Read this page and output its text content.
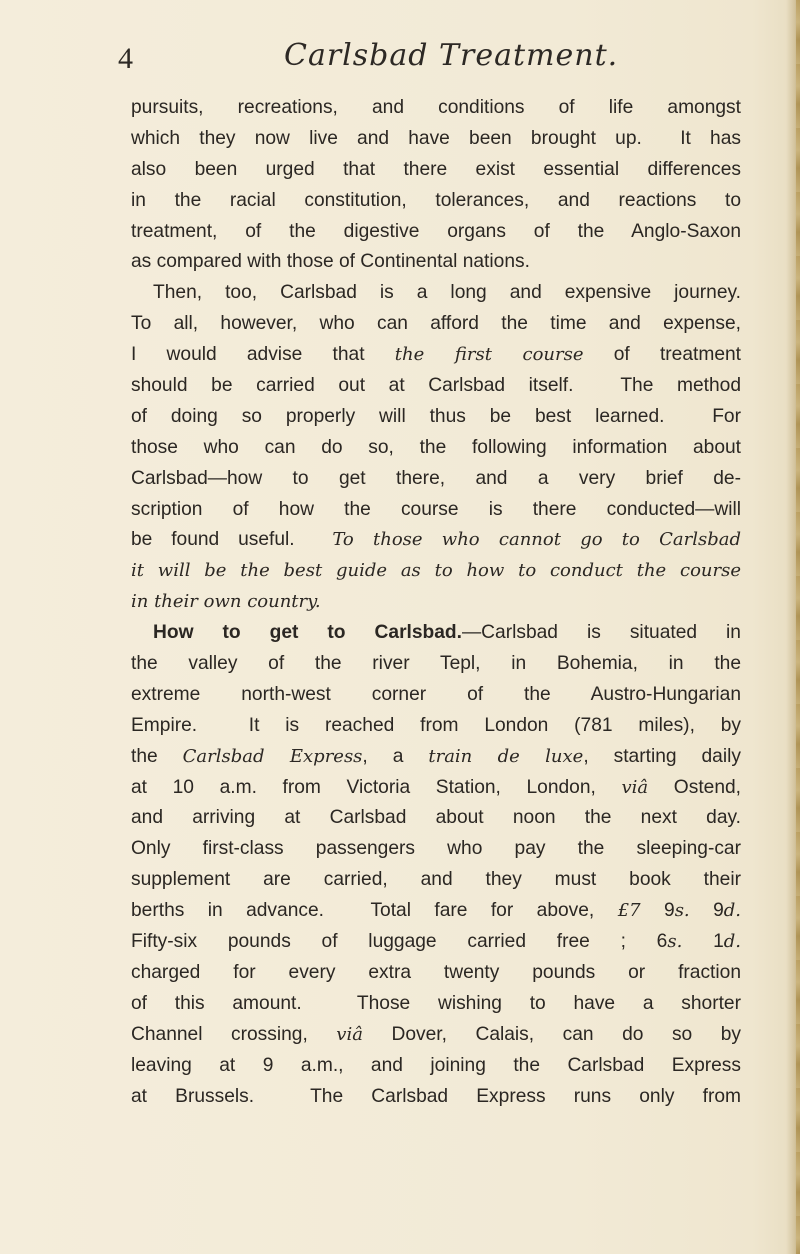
4	Carlsbad Treatment.
pursuits, recreations, and conditions of life amongst
which they now live and have been brought up.  It has
also been urged that there exist essential differences
in the racial constitution, tolerances, and reactions to
treatment, of the digestive organs of the Anglo-Saxon
as compared with those of Continental nations.
Then, too, Carlsbad is a long and expensive journey.
To all, however, who can afford the time and expense,
I would advise that the first course of treatment
should be carried out at Carlsbad itself.  The method
of doing so properly will thus be best learned.  For
those who can do so, the following information about
Carlsbad—how to get there, and a very brief de-
scription of how the course is there conducted—will
be found useful.  To those who cannot go to Carlsbad
it will be the best guide as to how to conduct the course
in their own country.
How to get to Carlsbad.—Carlsbad is situated in
the valley of the river Tepl, in Bohemia, in the
extreme north-west corner of the Austro-Hungarian
Empire.  It is reached from London (781 miles), by
the Carlsbad Express, a train de luxe, starting daily
at 10 a.m. from Victoria Station, London, viâ Ostend,
and arriving at Carlsbad about noon the next day.
Only first-class passengers who pay the sleeping-car
supplement are carried, and they must book their
berths in advance.  Total fare for above, £7 9s. 9d.
Fifty-six pounds of luggage carried free ; 6s. 1d.
charged for every extra twenty pounds or fraction
of this amount.  Those wishing to have a shorter
Channel crossing, viâ Dover, Calais, can do so by
leaving at 9 a.m., and joining the Carlsbad Express
at Brussels.  The Carlsbad Express runs only from
